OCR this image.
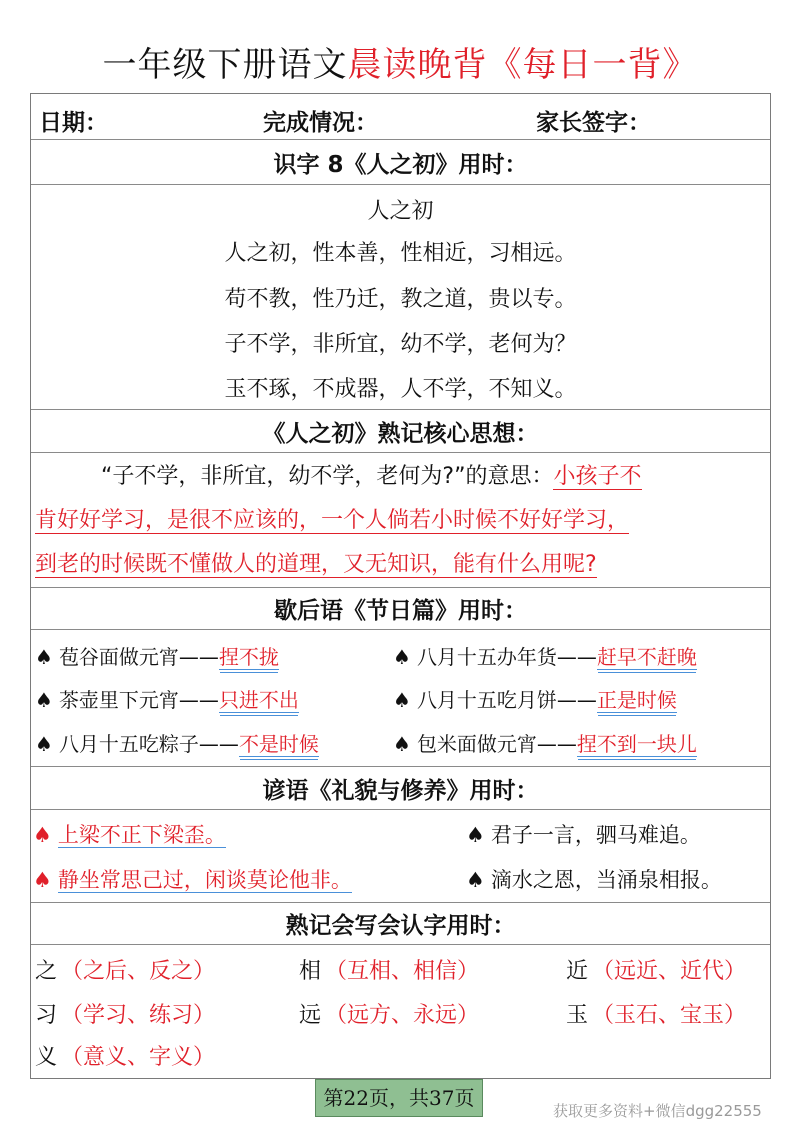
一年级下册语文晨读晚背《每日一背》
日期：	完成情况：	家长签字：
识字 8《人之初》用时：
人之初
人之初，性本善，性相近，习相远。
苟不教，性乃迁，教之道，贵以专。
子不学，非所宜，幼不学，老何为？
玉不琢，不成器，人不学，不知义。
《人之初》熟记核心思想：
“子不学，非所宜，幼不学，老何为?”的意思：小孩子不
肯好好学习，是很不应该的，一个人倘若小时候不好好学习，
到老的时候既不懂做人的道理，又无知识，能有什么用呢?
歇后语《节日篇》用时：
♠ 苞谷面做元宵——捏不拢	♠ 八月十五办年货——赶早不赶晚
♠ 茶壶里下元宵——只进不出	♠ 八月十五吃月饼——正是时候
♠ 八月十五吃粽子——不是时候	♠ 包米面做元宵——捏不到一块儿
谚语《礼貌与修养》用时：
♠ 上梁不正下梁歪。	♠ 君子一言，驷马难追。
♠ 静坐常思己过，闲谈莫论他非。	♠ 滴水之恩，当涌泉相报。
熟记会写会认字用时：
之 （之后、反之）	相 （互相、相信）	近 （远近、近代）
习 （学习、练习）	远 （远方、永远）	玉 （玉石、宝玉）
义 （意义、字义）
第22页，共37页
获取更多资料+微信dgg22555
